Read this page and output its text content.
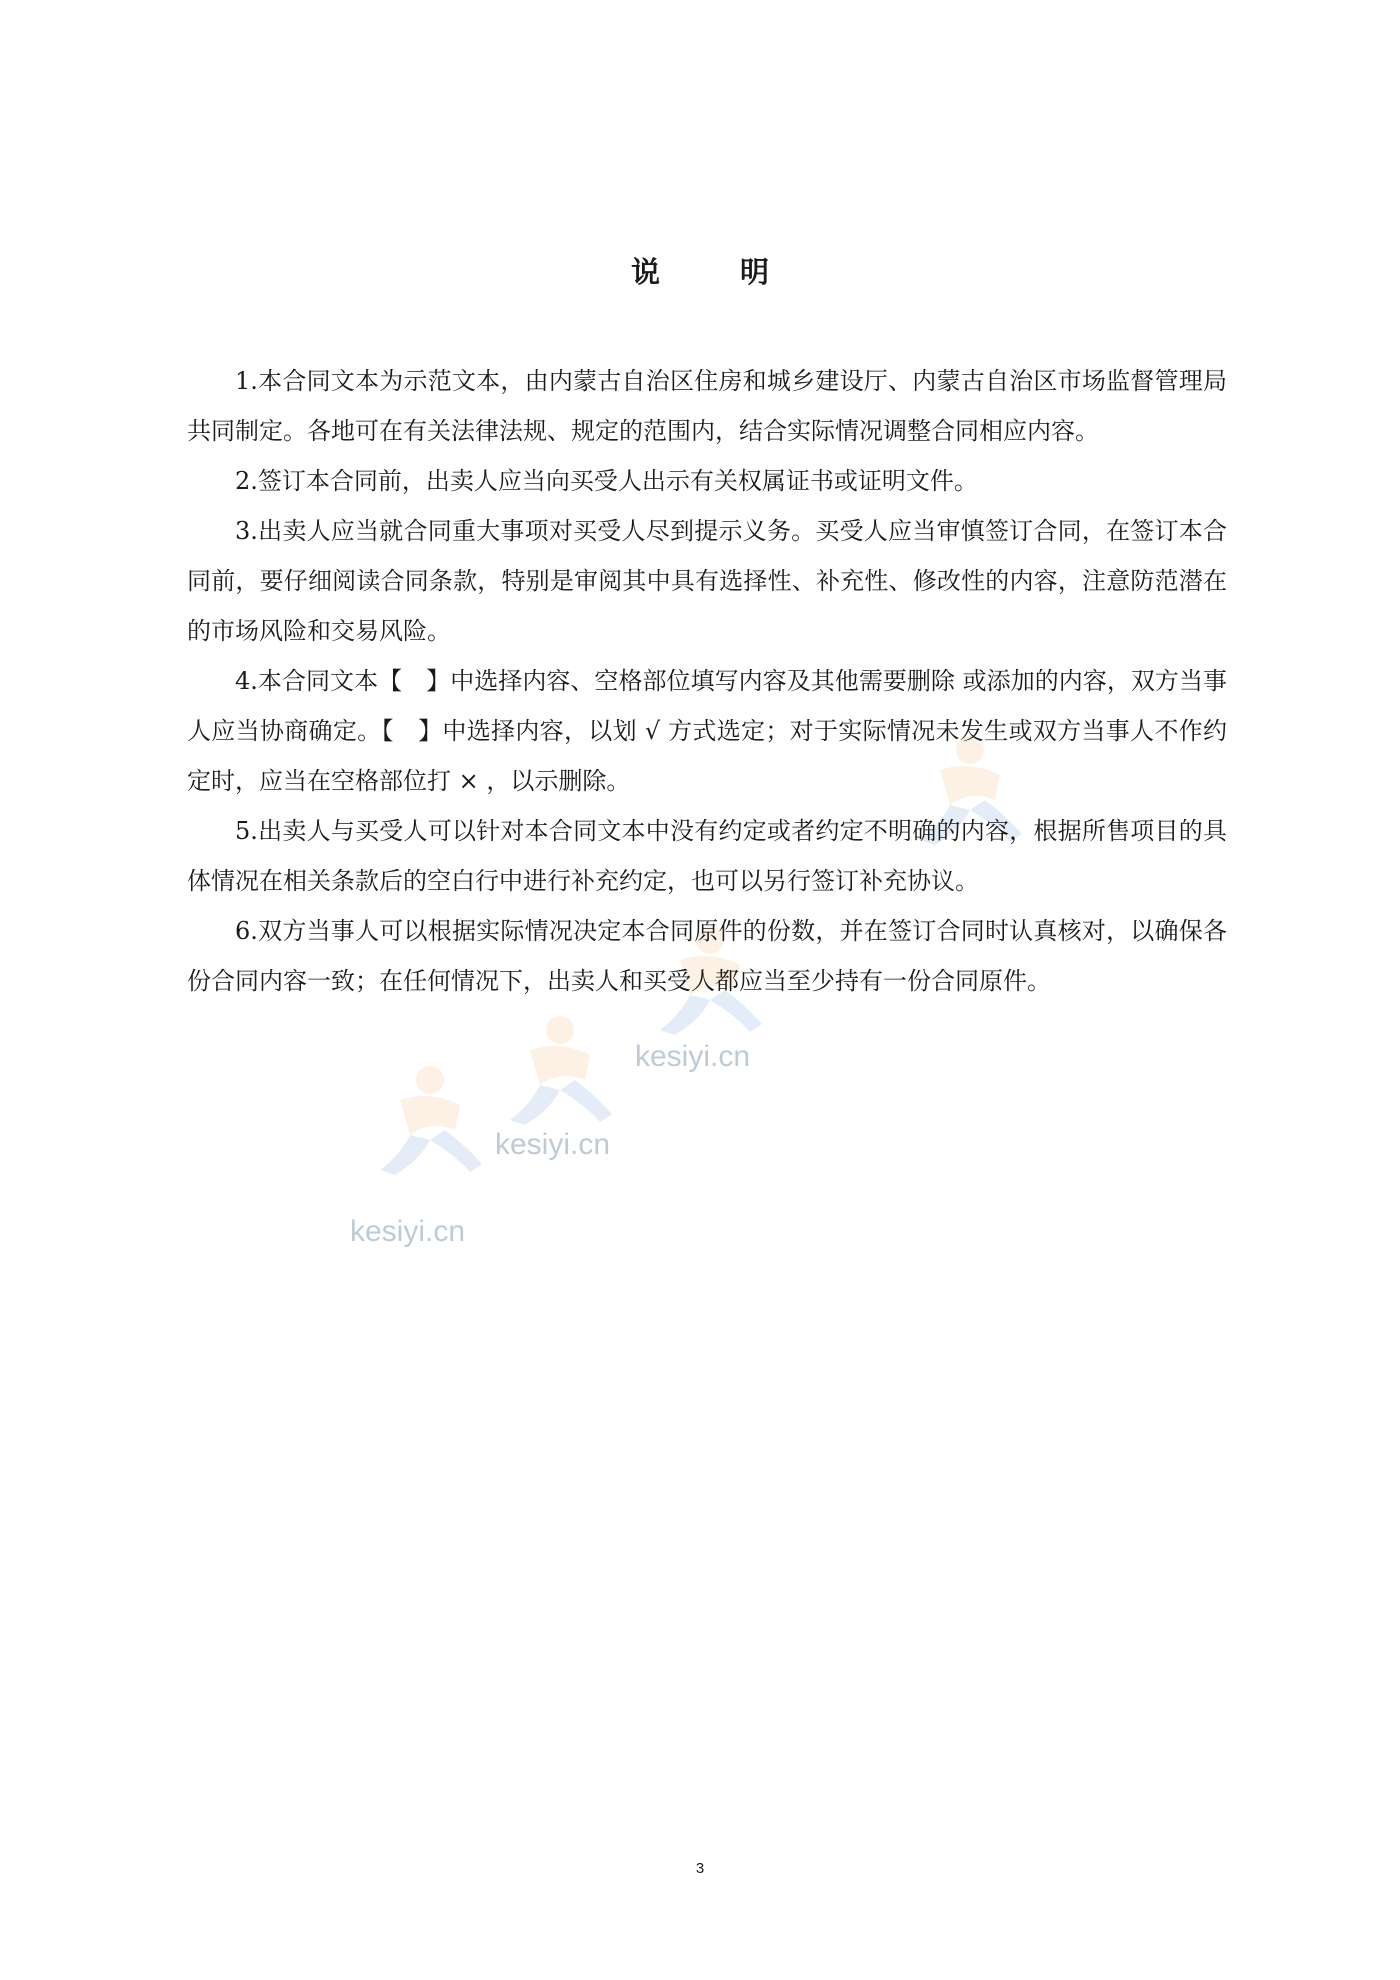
kesiyi.cn
kesiyi.cn
kesiyi.cn
说	明

1.本合同文本为示范文本，由内蒙古自治区住房和城乡建设厅、内蒙古自治区市场监督管理局共同制定。各地可在有关法律法规、规定的范围内，结合实际情况调整合同相应内容。

2.签订本合同前，出卖人应当向买受人出示有关权属证书或证明文件。

3.出卖人应当就合同重大事项对买受人尽到提示义务。买受人应当审慎签订合同，在签订本合同前，要仔细阅读合同条款，特别是审阅其中具有选择性、补充性、修改性的内容，注意防范潜在的市场风险和交易风险。

4.本合同文本【　】中选择内容、空格部位填写内容及其他需要删除 或添加的内容，双方当事人应当协商确定。【　】中选择内容，以划 √ 方式选定；对于实际情况未发生或双方当事人不作约定时，应当在空格部位打 × ，以示删除。

5.出卖人与买受人可以针对本合同文本中没有约定或者约定不明确的内容，根据所售项目的具体情况在相关条款后的空白行中进行补充约定，也可以另行签订补充协议。

6.双方当事人可以根据实际情况决定本合同原件的份数，并在签订合同时认真核对，以确保各份合同内容一致；在任何情况下，出卖人和买受人都应当至少持有一份合同原件。

3
